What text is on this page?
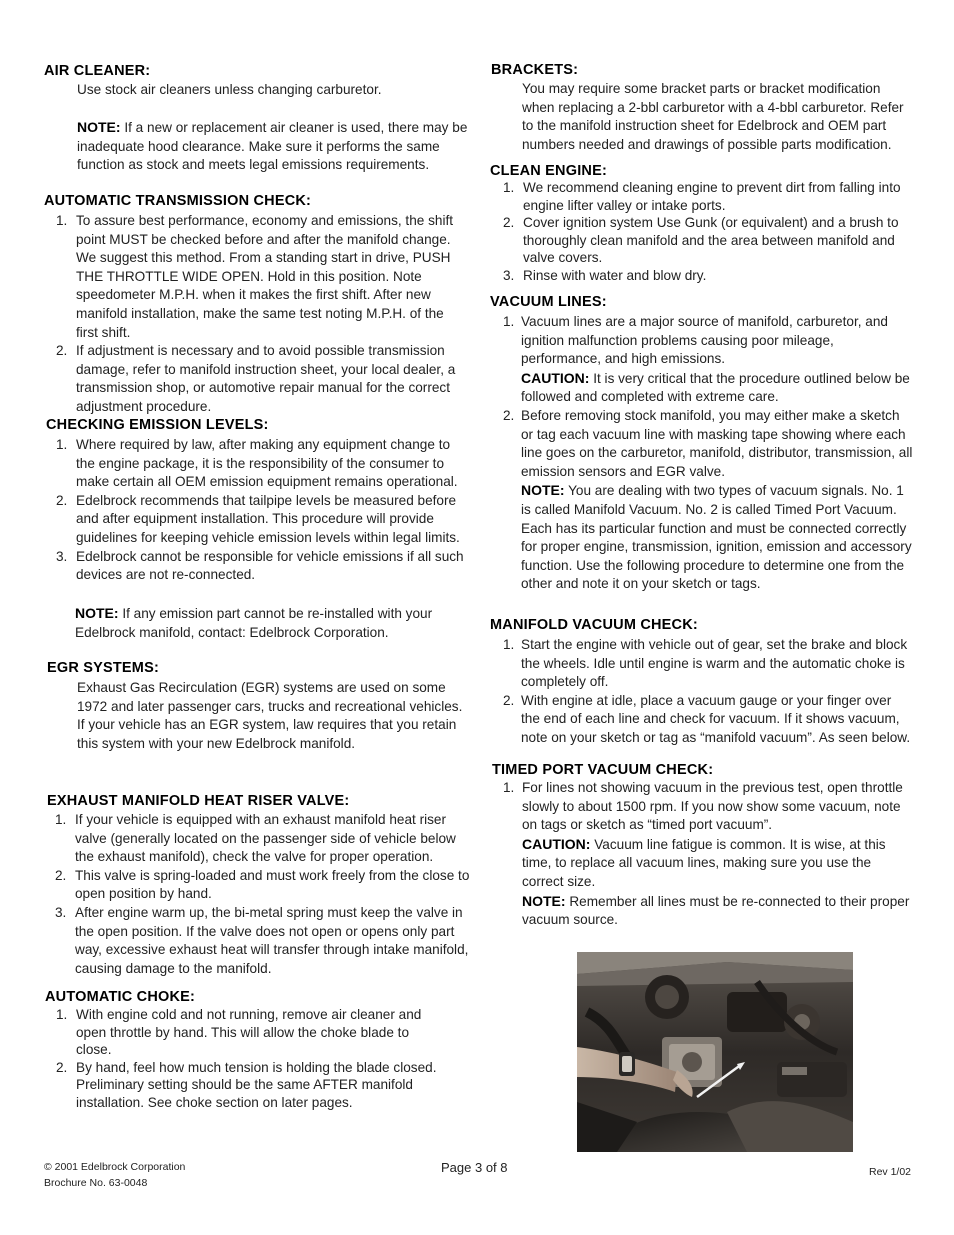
AIR CLEANER:

Use stock air cleaners unless changing carburetor.

NOTE: If a new or replacement air cleaner is used, there may be inadequate hood clearance. Make sure it performs the same function as stock and meets legal emissions requirements.

AUTOMATIC TRANSMISSION CHECK:
1. To assure best performance, economy and emissions, the shift point MUST be checked before and after the manifold change. We suggest this method. From a standing start in drive, PUSH THE THROTTLE WIDE OPEN. Hold in this position. Note speedometer M.P.H. when it makes the first shift. After new manifold installation, make the same test noting M.P.H. of the first shift.
2. If adjustment is necessary and to avoid possible transmission damage, refer to manifold instruction sheet, your local dealer, a transmission shop, or automotive repair manual for the correct adjustment procedure.
CHECKING EMISSION LEVELS:
1. Where required by law, after making any equipment change to the engine package, it is the responsibility of the consumer to make certain all OEM emission equipment remains operational.
2. Edelbrock recommends that tailpipe levels be measured before and after equipment installation. This procedure will provide guidelines for keeping vehicle emission levels within legal limits.
3. Edelbrock cannot be responsible for vehicle emissions if all such devices are not re-connected.

NOTE: If any emission part cannot be re-installed with your Edelbrock manifold, contact: Edelbrock Corporation.

EGR SYSTEMS:

Exhaust Gas Recirculation (EGR) systems are used on some 1972 and later passenger cars, trucks and recreational vehicles. If your vehicle has an EGR system, law requires that you retain this system with your new Edelbrock manifold.

EXHAUST MANIFOLD HEAT RISER VALVE:
1. If your vehicle is equipped with an exhaust manifold heat riser valve (generally located on the passenger side of vehicle below the exhaust manifold), check the valve for proper operation.
2. This valve is spring-loaded and must work freely from the close to open position by hand.
3. After engine warm up, the bi-metal spring must keep the valve in the open position. If the valve does not open or opens only part way, excessive exhaust heat will transfer through intake manifold, causing damage to the manifold.
AUTOMATIC CHOKE:
1. With engine cold and not running, remove air cleaner and open throttle by hand. This will allow the choke blade to close.
2. By hand, feel how much tension is holding the blade closed. Preliminary setting should be the same AFTER manifold installation. See choke section on later pages.
BRACKETS:

You may require some bracket parts or bracket modification when replacing a 2-bbl carburetor with a 4-bbl carburetor. Refer to the manifold instruction sheet for Edelbrock and OEM part numbers needed and drawings of possible parts modification.

CLEAN ENGINE:
1. We recommend cleaning engine to prevent dirt from falling into engine lifter valley or intake ports.
2. Cover ignition system Use Gunk (or equivalent) and a brush to thoroughly clean manifold and the area between manifold and valve covers.
3. Rinse with water and blow dry.
VACUUM LINES:
1. Vacuum lines are a major source of manifold, carburetor, and ignition malfunction problems causing poor mileage, performance, and high emissions.
CAUTION: It is very critical that the procedure outlined below be followed and completed with extreme care.
2. Before removing stock manifold, you may either make a sketch or tag each vacuum line with masking tape showing where each line goes on the carburetor, manifold, distributor, transmission, all emission sensors and EGR valve.
NOTE: You are dealing with two types of vacuum signals. No. 1 is called Manifold Vacuum. No. 2 is called Timed Port Vacuum. Each has its particular function and must be connected correctly for proper engine, transmission, ignition, emission and accessory function. Use the following procedure to determine one from the other and note it on your sketch or tags.
MANIFOLD VACUUM CHECK:
1. Start the engine with vehicle out of gear, set the brake and block the wheels. Idle until engine is warm and the automatic choke is completely off.
2. With engine at idle, place a vacuum gauge or your finger over the end of each line and check for vacuum. If it shows vacuum, note on your sketch or tag as “manifold vacuum”. As seen below.
TIMED PORT VACUUM CHECK:
1. For lines not showing vacuum in the previous test, open throttle slowly to about 1500 rpm. If you now show some vacuum, note on tags or sketch as “timed port vacuum”.
CAUTION: Vacuum line fatigue is common. It is wise, at this time, to replace all vacuum lines, making sure you use the correct size.
NOTE: Remember all lines must be re-connected to their proper vacuum source.
© 2001 Edelbrock Corporation
Brochure No. 63-0048
Page 3 of 8	Rev 1/02
